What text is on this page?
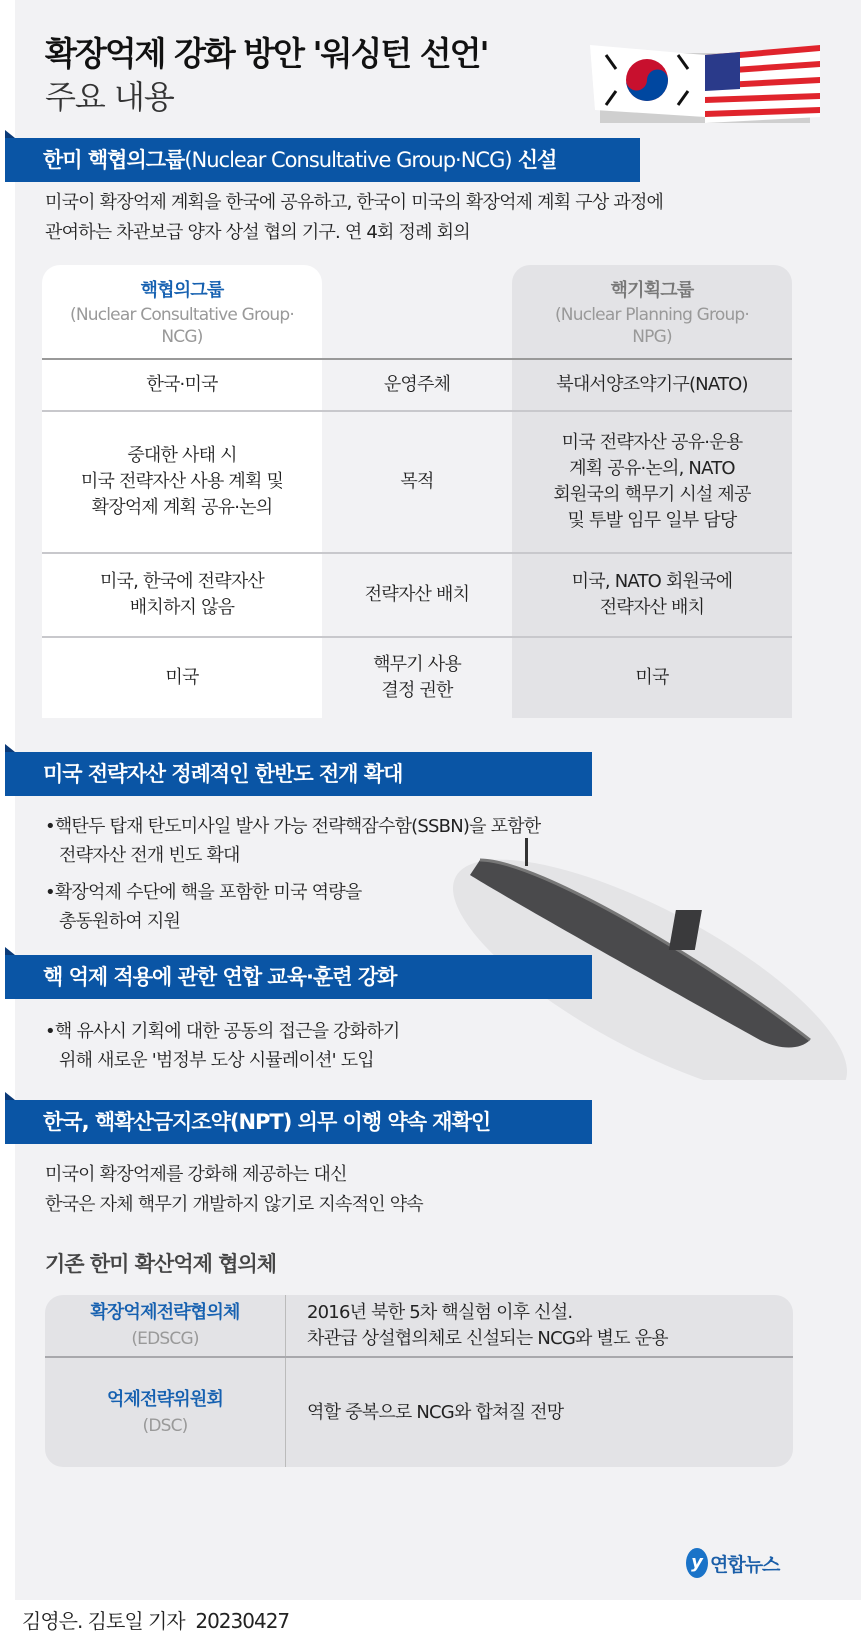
확장억제 강화 방안 '워싱턴 선언'
주요 내용
한미 핵협의그룹(Nuclear Consultative Group·NCG) 신설
미국이 확장억제 계획을 한국에 공유하고, 한국이 미국의 확장억제 계획 구상 과정에
관여하는 차관보급 양자 상설 협의 기구. 연 4회 정례 회의
핵협의그룹
(Nuclear Consultative Group·
NCG)
핵기획그룹
(Nuclear Planning Group·
NPG)
한국·미국	운영주체	북대서양조약기구(NATO)
중대한 사태 시
미국 전략자산 사용 계획 및
확장억제 계획 공유·논의
목적
미국 전략자산 공유·운용
계획 공유·논의, NATO
회원국의 핵무기 시설 제공
및 투발 임무 일부 담당
미국, 한국에 전략자산
배치하지 않음
전략자산 배치
미국, NATO 회원국에
전략자산 배치
미국
핵무기 사용
결정 권한
미국
미국 전략자산 정례적인 한반도 전개 확대
•핵탄두 탑재 탄도미사일 발사 가능 전략핵잠수함(SSBN)을 포함한
전략자산 전개 빈도 확대
•확장억제 수단에 핵을 포함한 미국 역량을
총동원하여 지원
핵 억제 적용에 관한 연합 교육·훈련 강화
•핵 유사시 기획에 대한 공동의 접근을 강화하기
위해 새로운 '범정부 도상 시뮬레이션' 도입
한국, 핵확산금지조약(NPT) 의무 이행 약속 재확인
미국이 확장억제를 강화해 제공하는 대신
한국은 자체 핵무기 개발하지 않기로 지속적인 약속
기존 한미 확산억제 협의체
확장억제전략협의체
(EDSCG)
2016년 북한 5차 핵실험 이후 신설.
차관급 상설협의체로 신설되는 NCG와 별도 운용
억제전략위원회
(DSC)
역할 중복으로 NCG와 합쳐질 전망
y 연합뉴스
김영은. 김토일 기자 20230427
